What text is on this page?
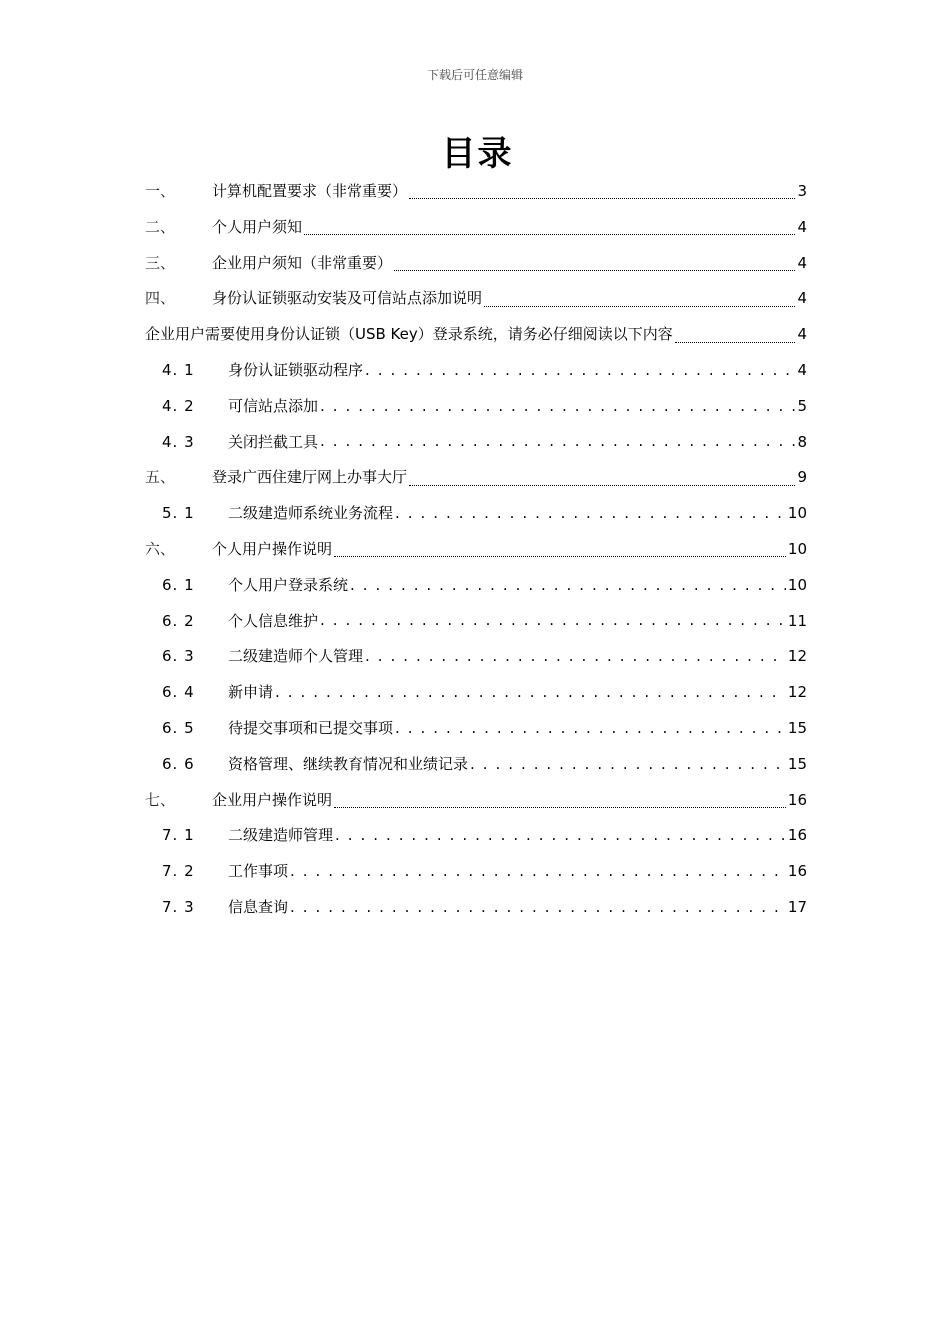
下载后可任意编辑
目录
一、	计算机配置要求（非常重要）	3
二、	个人用户须知	4
三、	企业用户须知（非常重要）	4
四、	身份认证锁驱动安装及可信站点添加说明	4
企业用户需要使用身份认证锁（USB Key）登录系统，请务必仔细阅读以下内容	4
4. 1	身份认证锁驱动程序 . . .	4
4. 2	可信站点添加 . . .	5
4. 3	关闭拦截工具 . . .	8
五、	登录广西住建厅网上办事大厅	9
5. 1	二级建造师系统业务流程 . . .	10
六、	个人用户操作说明	10
6. 1	个人用户登录系统 . . .	10
6. 2	个人信息维护 . . .	11
6. 3	二级建造师个人管理 . . .	12
6. 4	新申请 . . .	12
6. 5	待提交事项和已提交事项 . . .	15
6. 6	资格管理、继续教育情况和业绩记录 . . .	15
七、	企业用户操作说明	16
7. 1	二级建造师管理 . . .	16
7. 2	工作事项 . . .	16
7. 3	信息查询 . . .	17
